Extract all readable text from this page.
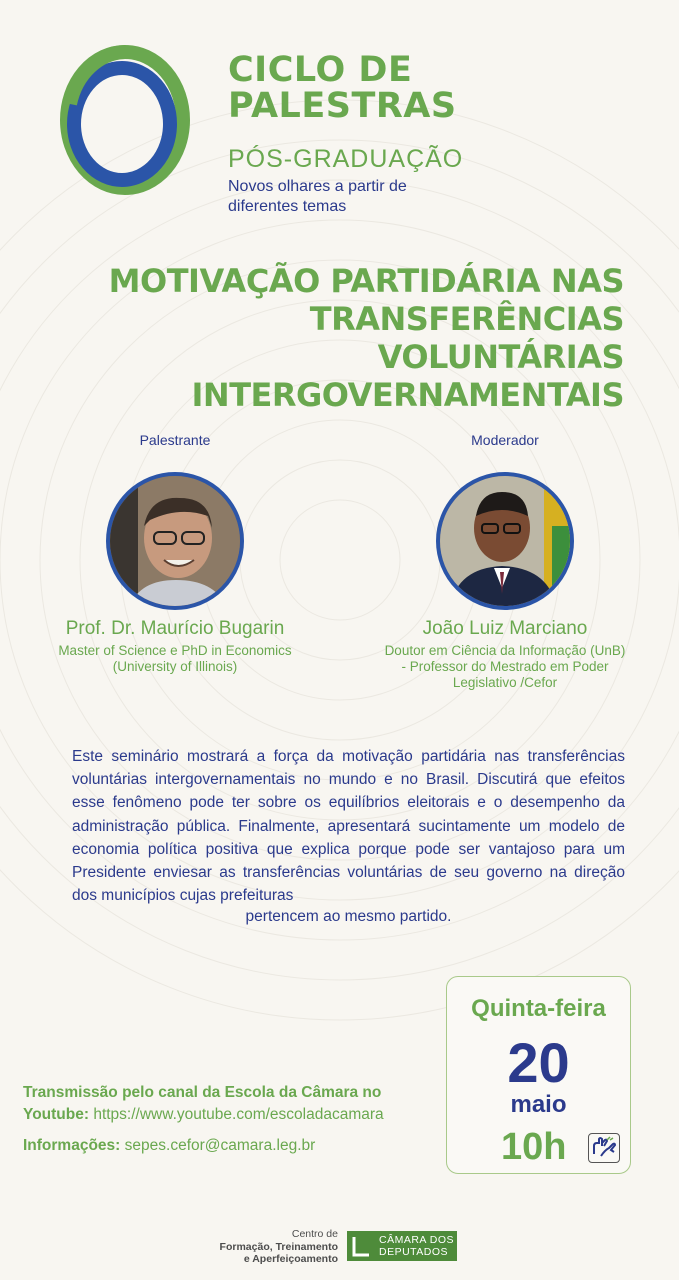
CICLO DE
PALESTRAS
PÓS-GRADUAÇÃO
Novos olhares a partir de diferentes temas
MOTIVAÇÃO PARTIDÁRIA NAS
TRANSFERÊNCIAS VOLUNTÁRIAS
INTERGOVERNAMENTAIS
Palestrante
Prof. Dr. Maurício Bugarin
Master of Science e PhD in Economics
(University of Illinois)
Moderador
João Luiz Marciano
Doutor em Ciência da Informação (UnB)
- Professor do Mestrado em Poder
Legislativo /Cefor

Este seminário mostrará a força da motivação partidária nas transferências voluntárias intergovernamentais no mundo e no Brasil. Discutirá que efeitos esse fenômeno pode ter sobre os equilíbrios eleitorais e o desempenho da administração pública. Finalmente, apresentará sucintamente um modelo de economia política positiva que explica porque pode ser vantajoso para um Presidente enviesar as transferências voluntárias de seu governo na direção dos municípios cujas prefeituras

pertencem ao mesmo partido.
Quinta-feira
20
maio
10h
Transmissão pelo canal da Escola da Câmara no
Youtube: https://www.youtube.com/escoladacamara
Informações: sepes.cefor@camara.leg.br
Centro de
Formação, Treinamento
e Aperfeiçoamento
CÂMARA DOS
DEPUTADOS
